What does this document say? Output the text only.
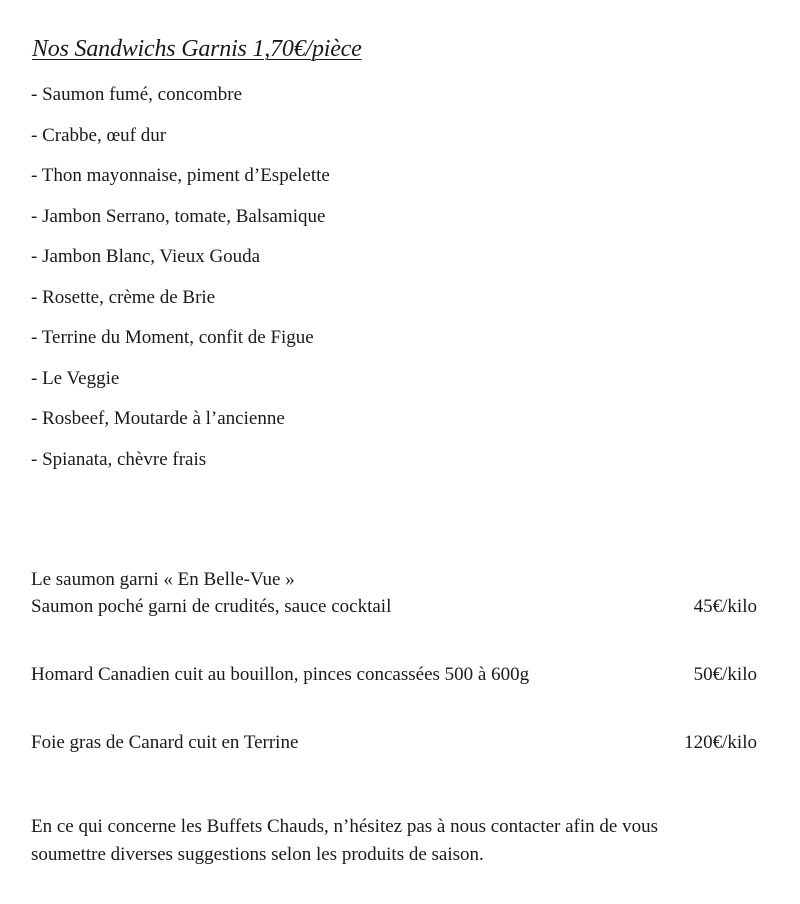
Nos Sandwichs Garnis 1,70€/pièce
- Saumon fumé, concombre
- Crabbe, œuf dur
- Thon mayonnaise, piment d’Espelette
- Jambon Serrano, tomate, Balsamique
- Jambon Blanc, Vieux Gouda
- Rosette, crème de Brie
- Terrine du Moment, confit de Figue
- Le Veggie
- Rosbeef, Moutarde à l’ancienne
- Spianata, chèvre frais
Le saumon garni « En Belle-Vue »
Saumon poché garni de crudités, sauce cocktail	45€/kilo
Homard Canadien cuit au bouillon, pinces concassées 500 à 600g	50€/kilo
Foie gras de Canard cuit en Terrine	120€/kilo
En ce qui concerne les Buffets Chauds, n’hésitez pas à nous contacter afin de vous soumettre diverses suggestions selon les produits de saison.
